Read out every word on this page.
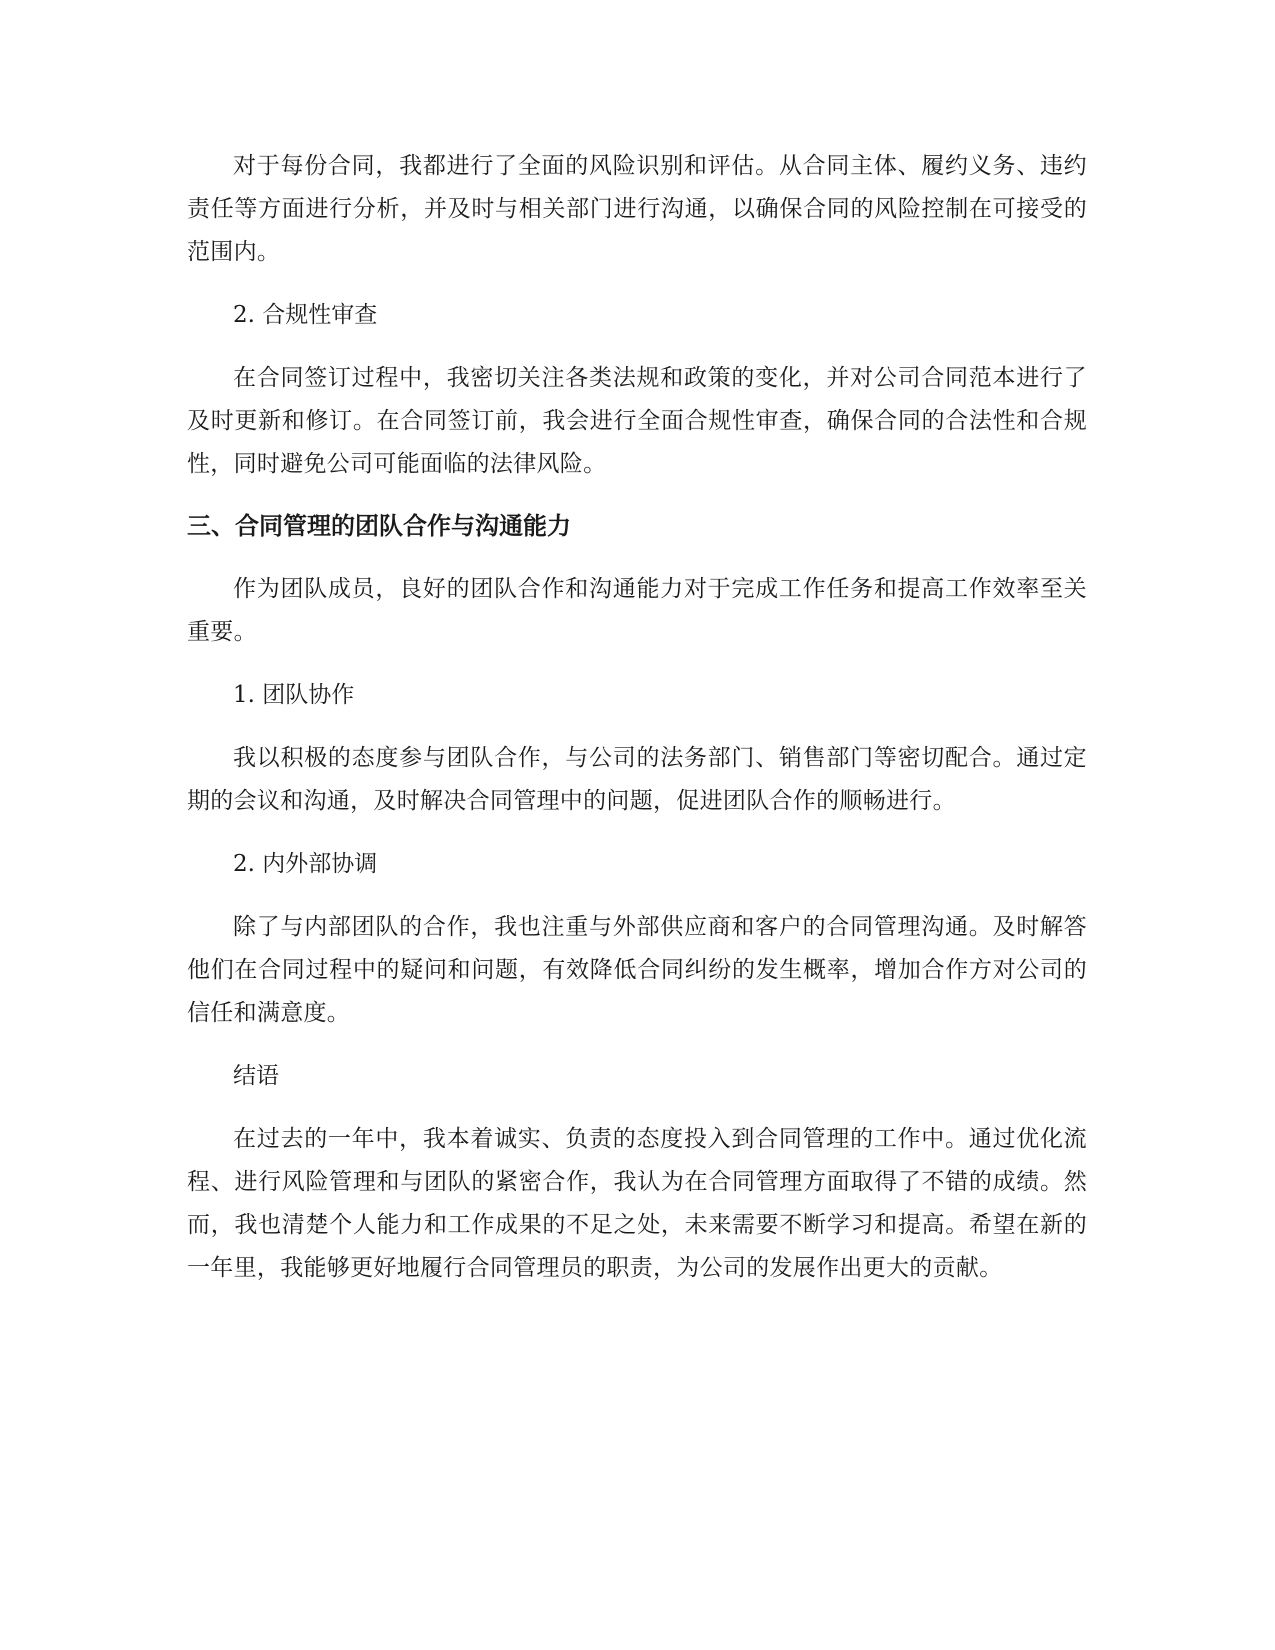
对于每份合同，我都进行了全面的风险识别和评估。从合同主体、履约义务、违约责任等方面进行分析，并及时与相关部门进行沟通，以确保合同的风险控制在可接受的范围内。

2. 合规性审查

在合同签订过程中，我密切关注各类法规和政策的变化，并对公司合同范本进行了及时更新和修订。在合同签订前，我会进行全面合规性审查，确保合同的合法性和合规性，同时避免公司可能面临的法律风险。

三、合同管理的团队合作与沟通能力

作为团队成员，良好的团队合作和沟通能力对于完成工作任务和提高工作效率至关重要。

1. 团队协作

我以积极的态度参与团队合作，与公司的法务部门、销售部门等密切配合。通过定期的会议和沟通，及时解决合同管理中的问题，促进团队合作的顺畅进行。

2. 内外部协调

除了与内部团队的合作，我也注重与外部供应商和客户的合同管理沟通。及时解答他们在合同过程中的疑问和问题，有效降低合同纠纷的发生概率，增加合作方对公司的信任和满意度。

结语

在过去的一年中，我本着诚实、负责的态度投入到合同管理的工作中。通过优化流程、进行风险管理和与团队的紧密合作，我认为在合同管理方面取得了不错的成绩。然而，我也清楚个人能力和工作成果的不足之处，未来需要不断学习和提高。希望在新的一年里，我能够更好地履行合同管理员的职责，为公司的发展作出更大的贡献。
